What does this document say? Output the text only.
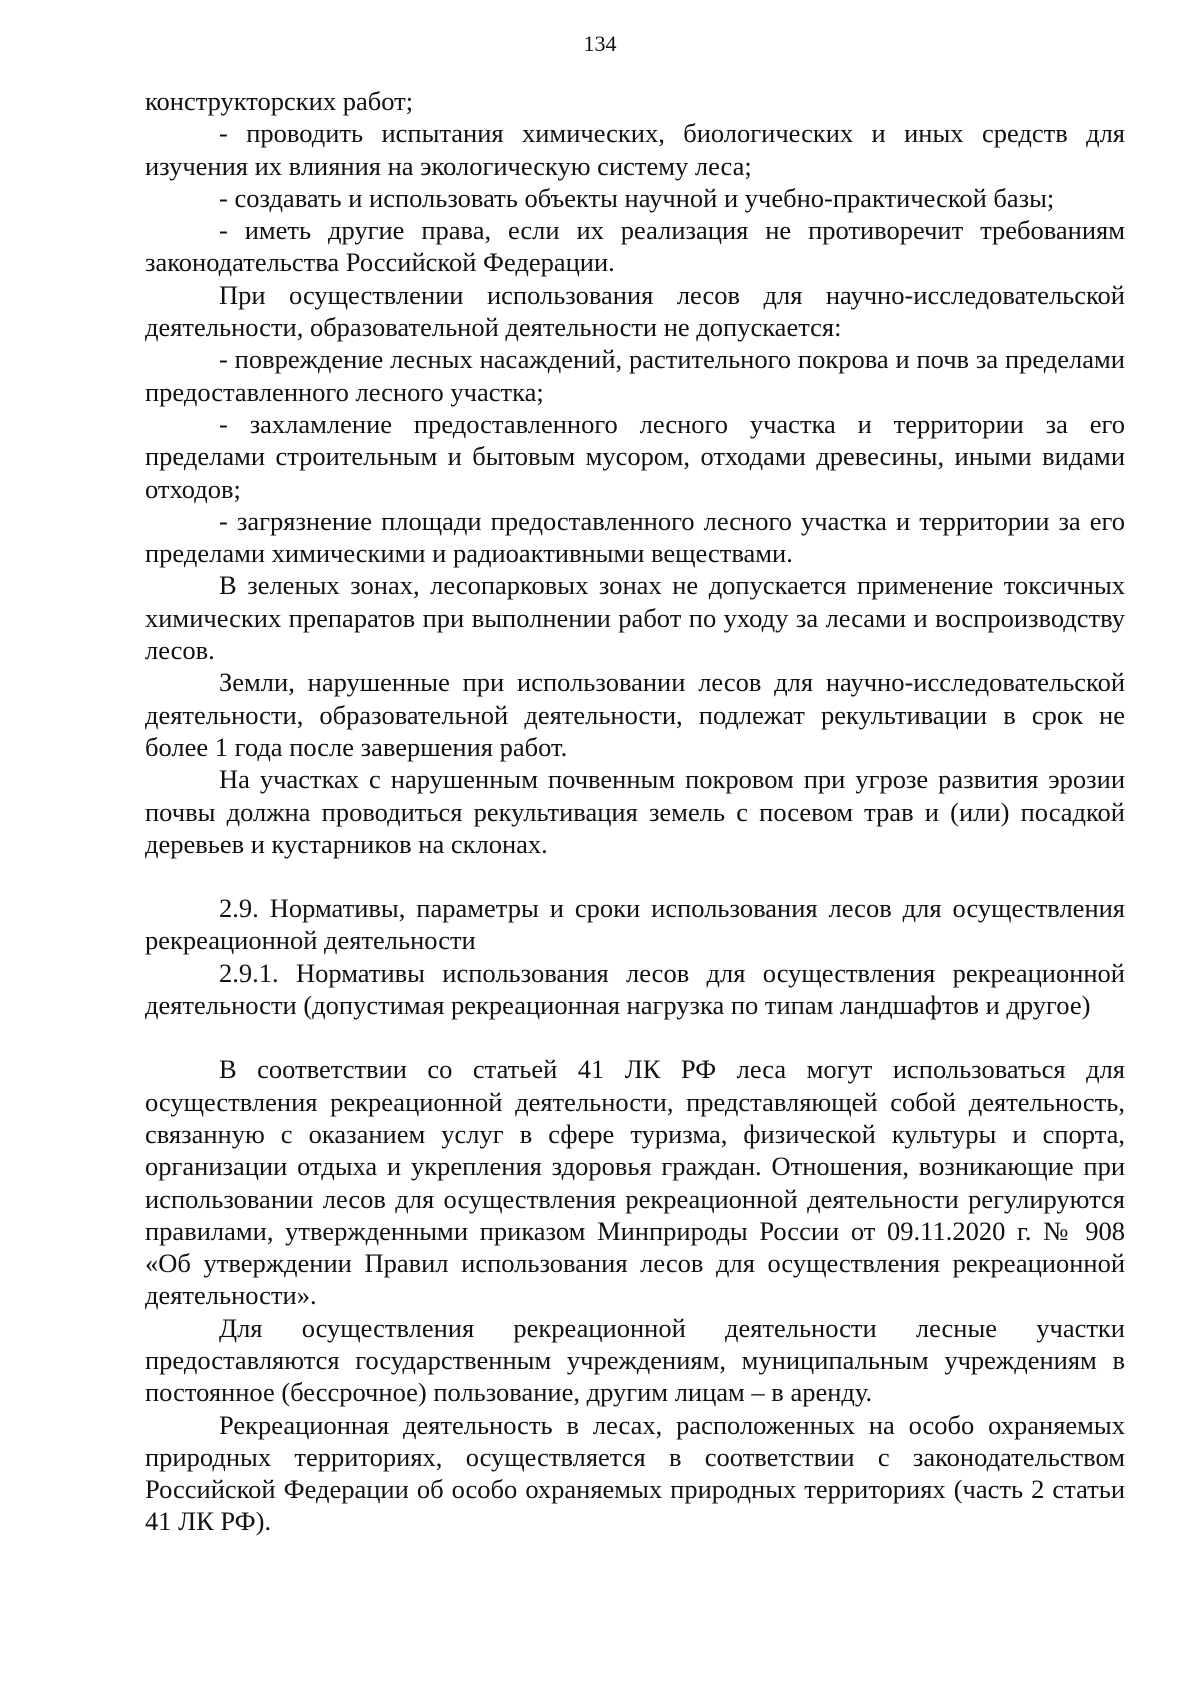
134

конструкторских работ;

- проводить испытания химических, биологических и иных средств для изучения их влияния на экологическую систему леса;

- создавать и использовать объекты научной и учебно-практической базы;

- иметь другие права, если их реализация не противоречит требованиям законодательства Российской Федерации.

При осуществлении использования лесов для научно-исследовательской деятельности, образовательной деятельности не допускается:

- повреждение лесных насаждений, растительного покрова и почв за пределами предоставленного лесного участка;

- захламление предоставленного лесного участка и территории за его пределами строительным и бытовым мусором, отходами древесины, иными видами отходов;

- загрязнение площади предоставленного лесного участка и территории за его пределами химическими и радиоактивными веществами.

В зеленых зонах, лесопарковых зонах не допускается применение токсичных химических препаратов при выполнении работ по уходу за лесами и воспроизводству лесов.

Земли, нарушенные при использовании лесов для научно-исследовательской деятельности, образовательной деятельности, подлежат рекультивации в срок не более 1 года после завершения работ.

На участках с нарушенным почвенным покровом при угрозе развития эрозии почвы должна проводиться рекультивация земель с посевом трав и (или) посадкой деревьев и кустарников на склонах.

2.9. Нормативы, параметры и сроки использования лесов для осуществления рекреационной деятельности

2.9.1. Нормативы использования лесов для осуществления рекреационной деятельности (допустимая рекреационная нагрузка по типам ландшафтов и другое)

В соответствии со статьей 41 ЛК РФ леса могут использоваться для осуществления рекреационной деятельности, представляющей собой деятельность, связанную с оказанием услуг в сфере туризма, физической культуры и спорта, организации отдыха и укрепления здоровья граждан. Отношения, возникающие при использовании лесов для осуществления рекреационной деятельности регулируются правилами, утвержденными приказом Минприроды России от 09.11.2020 г. № 908 «Об утверждении Правил использования лесов для осуществления рекреационной деятельности».

Для осуществления рекреационной деятельности лесные участки предоставляются государственным учреждениям, муниципальным учреждениям в постоянное (бессрочное) пользование, другим лицам – в аренду.

Рекреационная деятельность в лесах, расположенных на особо охраняемых природных территориях, осуществляется в соответствии с законодательством Российской Федерации об особо охраняемых природных территориях (часть 2 статьи 41 ЛК РФ).
